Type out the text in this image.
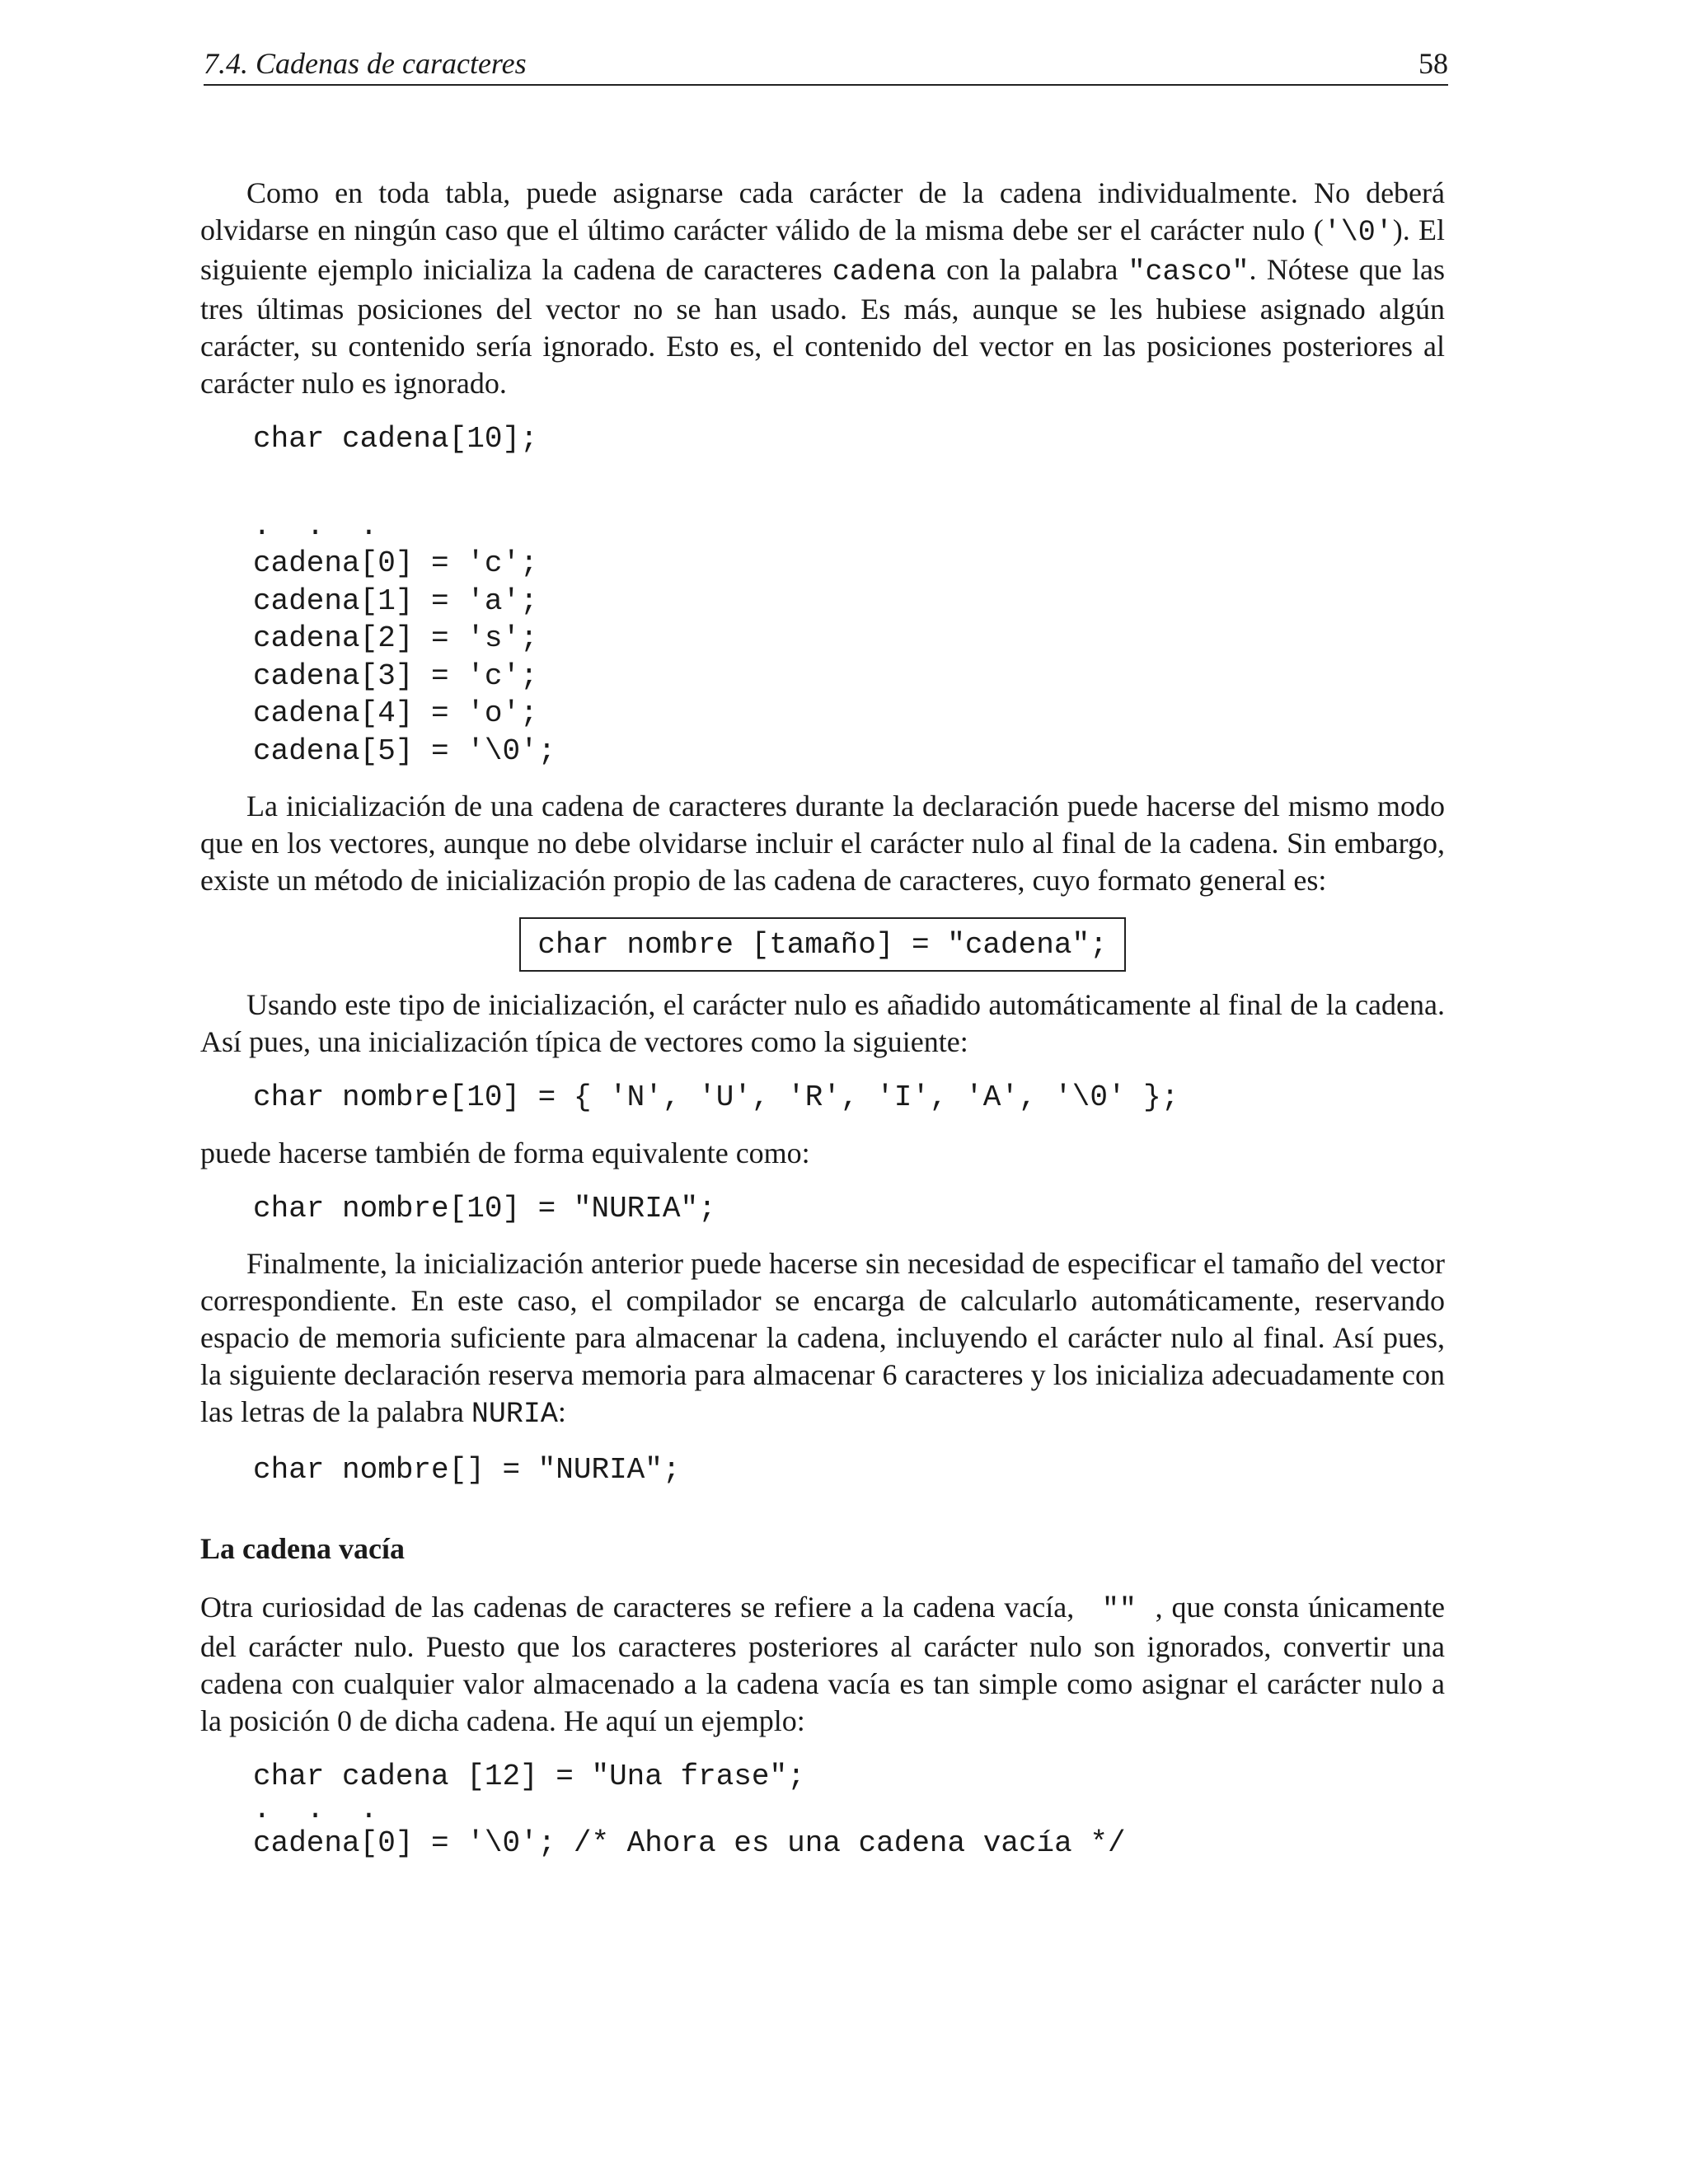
7.4. Cadenas de caracteres	58

Como en toda tabla, puede asignarse cada carácter de la cadena individualmente. No deberá olvidarse en ningún caso que el último carácter válido de la misma debe ser el carácter nulo ('\0'). El siguiente ejemplo inicializa la cadena de caracteres cadena con la palabra "casco". Nótese que las tres últimas posiciones del vector no se han usado. Es más, aunque se les hubiese asignado algún carácter, su contenido sería ignorado. Esto es, el contenido del vector en las posiciones posteriores al carácter nulo es ignorado.

char cadena[10];
.  .  .
cadena[0] = 'c';
cadena[1] = 'a';
cadena[2] = 's';
cadena[3] = 'c';
cadena[4] = 'o';
cadena[5] = '\0';

La inicialización de una cadena de caracteres durante la declaración puede hacerse del mismo modo que en los vectores, aunque no debe olvidarse incluir el carácter nulo al final de la cadena. Sin embargo, existe un método de inicialización propio de las cadena de caracteres, cuyo formato general es:

char nombre [tamaño] = "cadena";

Usando este tipo de inicialización, el carácter nulo es añadido automáticamente al final de la cadena. Así pues, una inicialización típica de vectores como la siguiente:

char nombre[10] = { 'N', 'U', 'R', 'I', 'A', '\0' };

puede hacerse también de forma equivalente como:

char nombre[10] = "NURIA";

Finalmente, la inicialización anterior puede hacerse sin necesidad de especificar el tamaño del vector correspondiente. En este caso, el compilador se encarga de calcularlo automáticamente, reservando espacio de memoria suficiente para almacenar la cadena, incluyendo el carácter nulo al final. Así pues, la siguiente declaración reserva memoria para almacenar 6 caracteres y los inicializa adecuadamente con las letras de la palabra NURIA:

char nombre[] = "NURIA";
La cadena vacía

Otra curiosidad de las cadenas de caracteres se refiere a la cadena vacía,  "" , que consta únicamente del carácter nulo. Puesto que los caracteres posteriores al carácter nulo son ignorados, convertir una cadena con cualquier valor almacenado a la cadena vacía es tan simple como asignar el carácter nulo a la posición 0 de dicha cadena. He aquí un ejemplo:

char cadena [12] = "Una frase";
.  .  .
cadena[0] = '\0'; /* Ahora es una cadena vacía */
